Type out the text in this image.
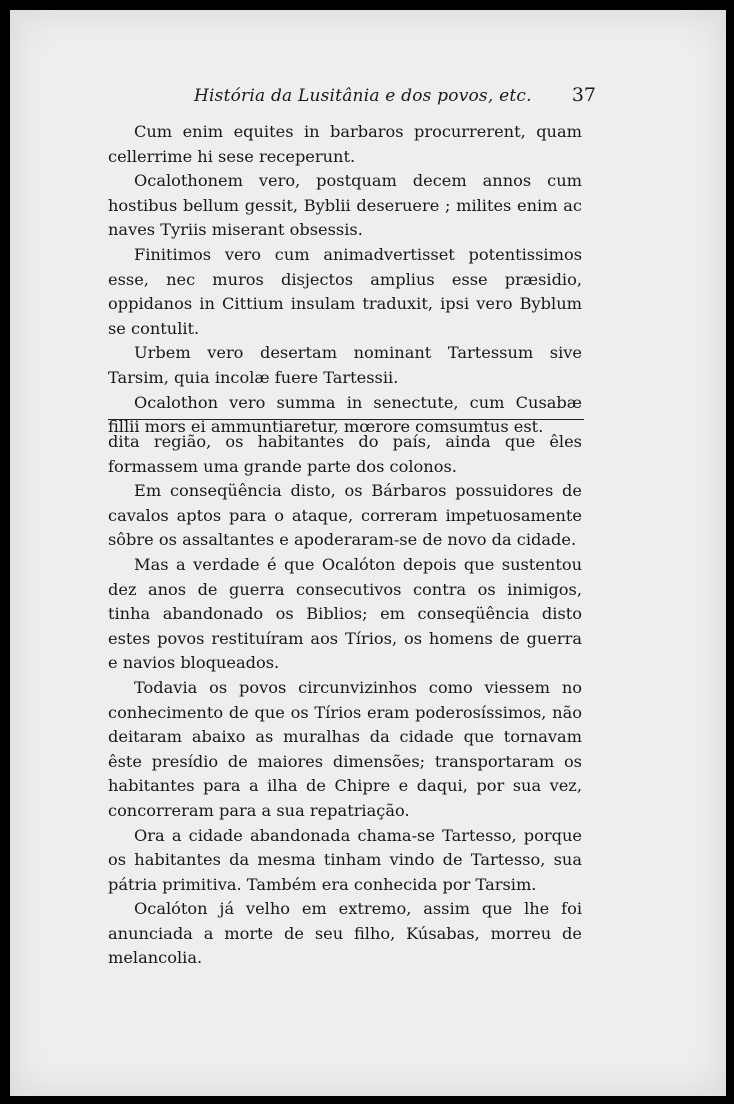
História da Lusitânia e dos povos, etc. 37

Cum enim equites in barbaros procurrerent, quam cellerrime hi sese receperunt.

Ocalothonem vero, postquam decem annos cum hostibus bellum gessit, Byblii deseruere ; milites enim ac naves Tyriis miserant obsessis.

Finitimos vero cum animadvertisset potentissimos esse, nec muros disjectos amplius esse præsidio, oppidanos in Cittium insulam traduxit, ipsi vero Byblum se contulit.

Urbem vero desertam nominant Tartessum sive Tarsim, quia incolæ fuere Tartessii.

Ocalothon vero summa in senectute, cum Cusabæ fillii mors ei ammuntiaretur, mœrore comsumtus est.

dita região, os habitantes do país, ainda que êles formassem uma grande parte dos colonos.

Em conseqüência disto, os Bárbaros possuidores de cavalos aptos para o ataque, correram impetuosamente sôbre os assaltantes e apoderaram-se de novo da cidade.

Mas a verdade é que Ocalóton depois que sustentou dez anos de guerra consecutivos contra os inimigos, tinha abandonado os Biblios; em conseqüência disto estes povos restituíram aos Tírios, os homens de guerra e navios bloqueados.

Todavia os povos circunvizinhos como viessem no conhecimento de que os Tírios eram poderosíssimos, não deitaram abaixo as muralhas da cidade que tornavam êste presídio de maiores dimensões; transportaram os habitantes para a ilha de Chipre e daqui, por sua vez, concorreram para a sua repatriação.

Ora a cidade abandonada chama-se Tartesso, porque os habitantes da mesma tinham vindo de Tartesso, sua pátria primitiva. Também era conhecida por Tarsim.

Ocalóton já velho em extremo, assim que lhe foi anunciada a morte de seu filho, Kúsabas, morreu de melancolia.
